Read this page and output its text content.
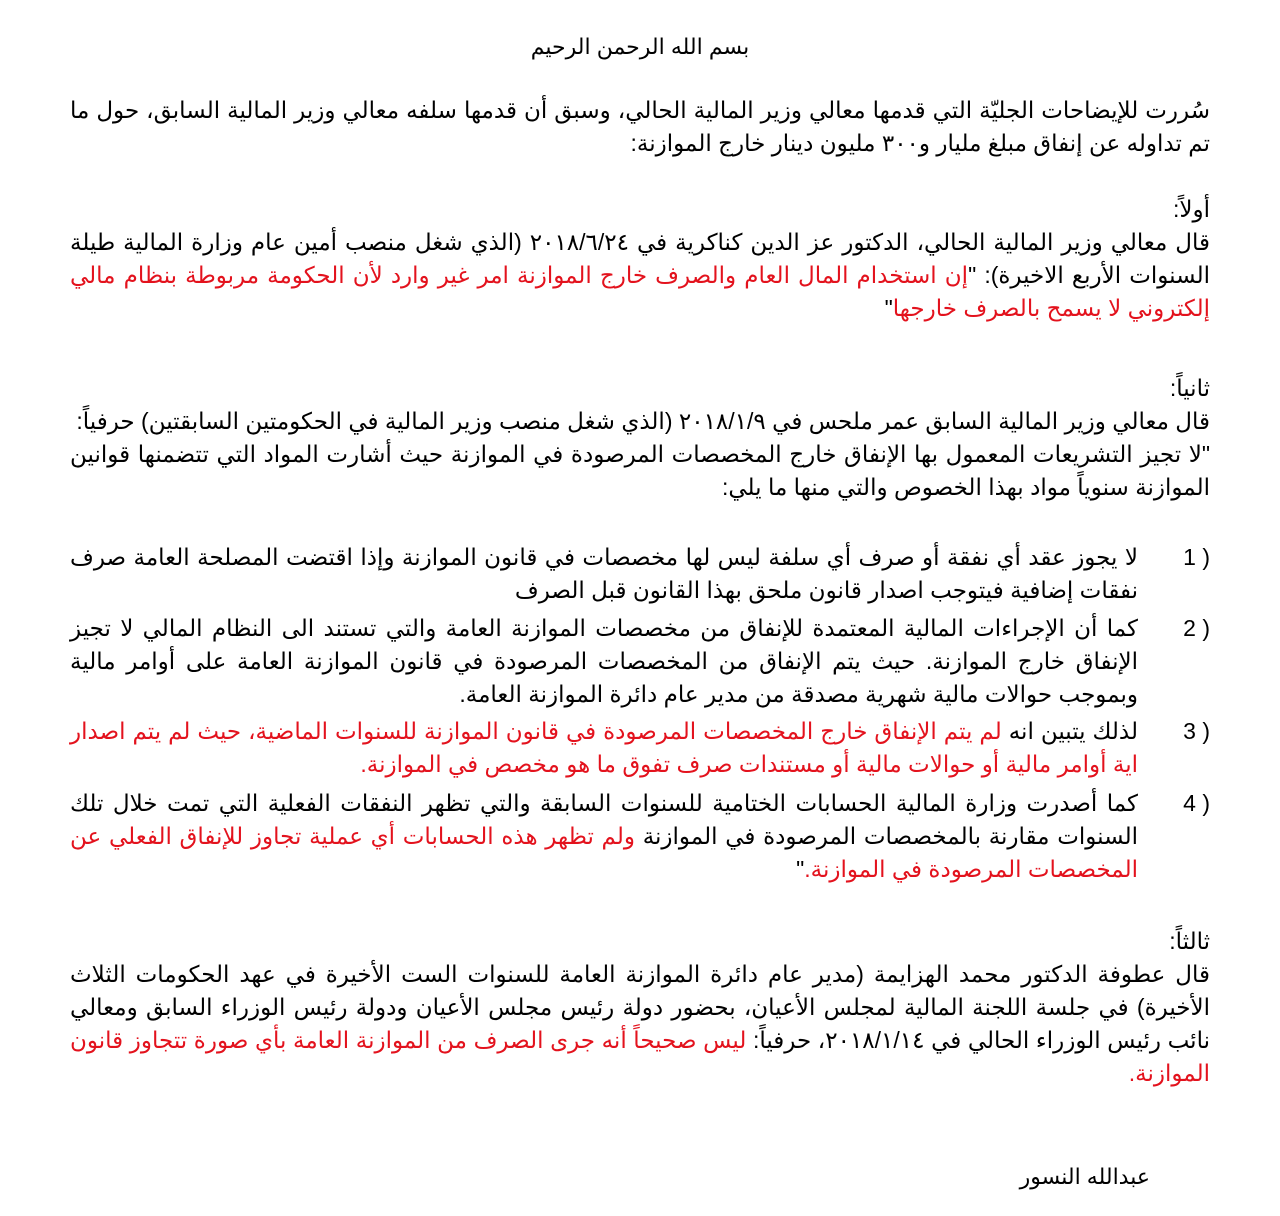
بسم الله الرحمن الرحيم
سُررت للإيضاحات الجليّة التي قدمها معالي وزير المالية الحالي، وسبق أن قدمها سلفه معالي وزير المالية السابق، حول ما تم تداوله عن إنفاق مبلغ مليار و٣٠٠ مليون دينار خارج الموازنة:
أولاً:
قال معالي وزير المالية الحالي، الدكتور عز الدين كناكرية في ٢٠١٨/٦/٢٤ (الذي شغل منصب أمين عام وزارة المالية طيلة السنوات الأربع الاخيرة): "إن استخدام المال العام والصرف خارج الموازنة امر غير وارد لأن الحكومة مربوطة بنظام مالي إلكتروني لا يسمح بالصرف خارجها"
ثانياً:
قال معالي وزير المالية السابق عمر ملحس في ٢٠١٨/١/٩ (الذي شغل منصب وزير المالية في الحكومتين السابقتين) حرفياً:
"لا تجيز التشريعات المعمول بها الإنفاق خارج المخصصات المرصودة في الموازنة حيث أشارت المواد التي تتضمنها قوانين الموازنة سنوياً مواد بهذا الخصوص والتي منها ما يلي:
1 )
لا يجوز عقد أي نفقة أو صرف أي سلفة ليس لها مخصصات في قانون الموازنة وإذا اقتضت المصلحة العامة صرف نفقات إضافية فيتوجب اصدار قانون ملحق بهذا القانون قبل الصرف
2 )
كما أن الإجراءات المالية المعتمدة للإنفاق من مخصصات الموازنة العامة والتي تستند الى النظام المالي لا تجيز الإنفاق خارج الموازنة. حيث يتم الإنفاق من المخصصات المرصودة في قانون الموازنة العامة على أوامر مالية وبموجب حوالات مالية شهرية مصدقة من مدير عام دائرة الموازنة العامة.
3 )
لذلك يتبين انه لم يتم الإنفاق خارج المخصصات المرصودة في قانون الموازنة للسنوات الماضية، حيث لم يتم اصدار اية أوامر مالية أو حوالات مالية أو مستندات صرف تفوق ما هو مخصص في الموازنة.
4 )
كما أصدرت وزارة المالية الحسابات الختامية للسنوات السابقة والتي تظهر النفقات الفعلية التي تمت خلال تلك السنوات مقارنة بالمخصصات المرصودة في الموازنة ولم تظهر هذه الحسابات أي عملية تجاوز للإنفاق الفعلي عن المخصصات المرصودة في الموازنة."
ثالثاً:
قال عطوفة الدكتور محمد الهزايمة (مدير عام دائرة الموازنة العامة للسنوات الست الأخيرة في عهد الحكومات الثلاث الأخيرة) في جلسة اللجنة المالية لمجلس الأعيان، بحضور دولة رئيس مجلس الأعيان ودولة رئيس الوزراء السابق ومعالي نائب رئيس الوزراء الحالي في ٢٠١٨/١/١٤، حرفياً: ليس صحيحاً أنه جرى الصرف من الموازنة العامة بأي صورة تتجاوز قانون الموازنة.
عبدالله النسور
